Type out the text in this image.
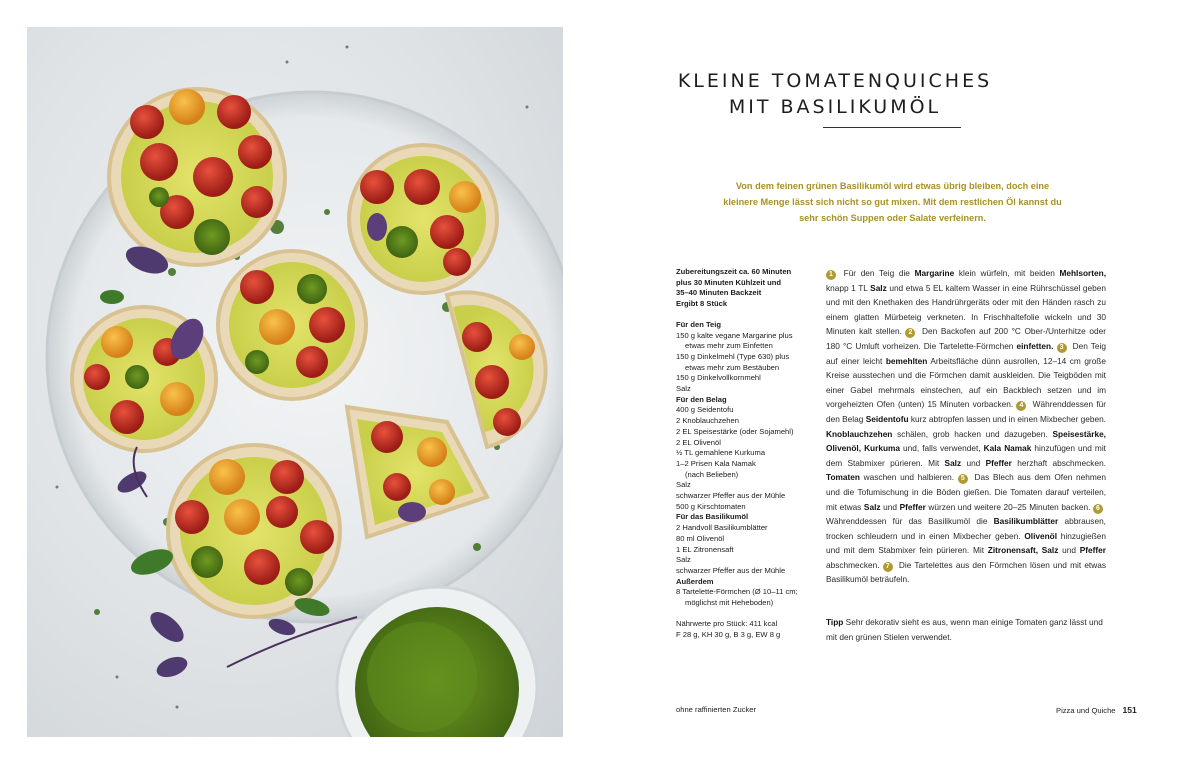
KLEINE TOMATENQUICHES
MIT BASILIKUMÖL

Von dem feinen grünen Basilikumöl wird etwas übrig bleiben, doch eine kleinere Menge lässt sich nicht so gut mixen. Mit dem restlichen Öl kannst du sehr schön Suppen oder Salate verfeinern.

Zubereitungszeit ca. 60 Minuten
plus 30 Minuten Kühlzeit und
35–40 Minuten Backzeit
Ergibt 8 Stück
Für den Teig
150 g kalte vegane Margarine plus
etwas mehr zum Einfetten
150 g Dinkelmehl (Type 630) plus
etwas mehr zum Bestäuben
150 g Dinkelvollkornmehl
Salz
Für den Belag
400 g Seidentofu
2 Knoblauchzehen
2 EL Speisestärke (oder Sojamehl)
2 EL Olivenöl
½ TL gemahlene Kurkuma
1–2 Prisen Kala Namak
(nach Belieben)
Salz
schwarzer Pfeffer aus der Mühle
500 g Kirschtomaten
Für das Basilikumöl
2 Handvoll Basilikumblätter
80 ml Olivenöl
1 EL Zitronensaft
Salz
schwarzer Pfeffer aus der Mühle
Außerdem
8 Tartelette-Förmchen (Ø 10–11 cm;
möglichst mit Heheboden)
Nährwerte pro Stück: 411 kcal
F 28 g, KH 30 g, B 3 g, EW 8 g

1 Für den Teig die Margarine klein würfeln, mit beiden Mehlsorten, knapp 1 TL Salz und etwa 5 EL kaltem Wasser in eine Rührschüssel geben und mit den Knethaken des Handrührgeräts oder mit den Händen rasch zu einem glatten Mürbeteig verkneten. In Frischhaltefolie wickeln und 30 Minuten kalt stellen. 2 Den Backofen auf 200 °C Ober-/Unterhitze oder 180 °C Umluft vorheizen. Die Tartelette-Förmchen einfetten. 3 Den Teig auf einer leicht bemehlten Arbeitsfläche dünn ausrollen, 12–14 cm große Kreise ausstechen und die Förmchen damit auskleiden. Die Teigböden mit einer Gabel mehrmals einstechen, auf ein Backblech setzen und im vorgeheizten Ofen (unten) 15 Minuten vorbacken. 4 Währenddessen für den Belag Seidentofu kurz abtropfen lassen und in einen Mixbecher geben. Knoblauchzehen schälen, grob hacken und dazugeben. Speisestärke, Olivenöl, Kurkuma und, falls verwendet, Kala Namak hinzufügen und mit dem Stabmixer pürieren. Mit Salz und Pfeffer herzhaft abschmecken. Tomaten waschen und halbieren. 5 Das Blech aus dem Ofen nehmen und die Tofumischung in die Böden gießen. Die Tomaten darauf verteilen, mit etwas Salz und Pfeffer würzen und weitere 20–25 Minuten backen. 6 Währenddessen für das Basilikumöl die Basilikumblätter abbrausen, trocken schleudern und in einen Mixbecher geben. Olivenöl hinzugießen und mit dem Stabmixer fein pürieren. Mit Zitronensaft, Salz und Pfeffer abschmecken. 7 Die Tartelettes aus den Förmchen lösen und mit etwas Basilikumöl beträufeln.

Tipp Sehr dekorativ sieht es aus, wenn man einige Tomaten ganz lässt und mit den grünen Stielen verwendet.

ohne raffinierten Zucker	Pizza und Quiche 151
